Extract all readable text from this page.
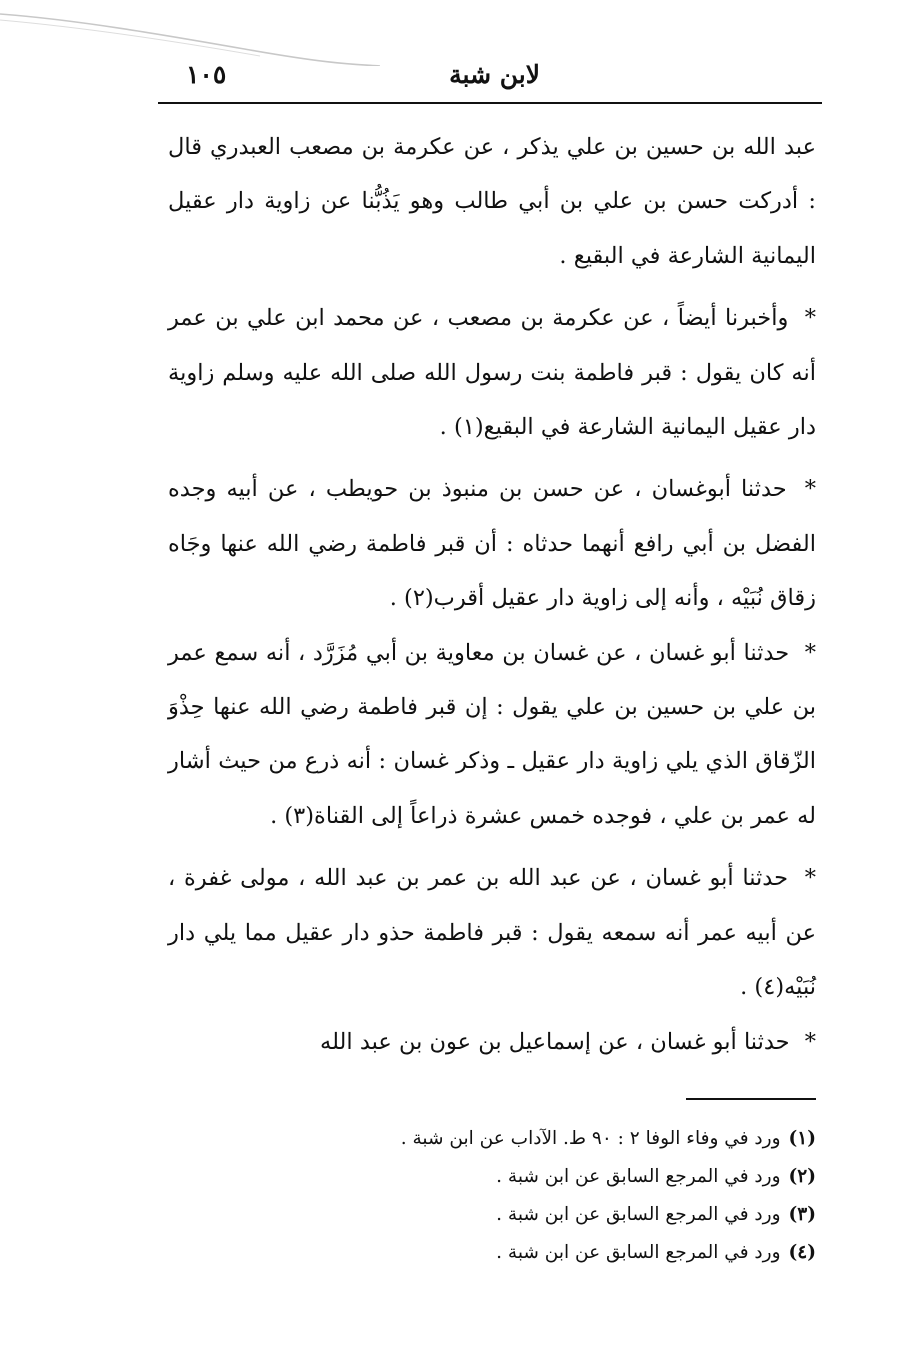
لابن شبة
١٠٥

عبد الله بن حسين بن علي يذكر ، عن عكرمة بن مصعب العبدري قال : أدركت حسن بن علي بن أبي طالب وهو يَذُبُّنا عن زاوية دار عقيل اليمانية الشارعة في البقيع .

* وأخبرنا أيضاً ، عن عكرمة بن مصعب ، عن محمد ابن علي بن عمر أنه كان يقول : قبر فاطمة بنت رسول الله صلى الله عليه وسلم زاوية دار عقيل اليمانية الشارعة في البقيع(١) .

* حدثنا أبوغسان ، عن حسن بن منبوذ بن حويطب ، عن أبيه وجده الفضل بن أبي رافع أنهما حدثاه : أن قبر فاطمة رضي الله عنها وجَاه زقاق نُبَيْه ، وأنه إلى زاوية دار عقيل أقرب(٢) .

* حدثنا أبو غسان ، عن غسان بن معاوية بن أبي مُزَرَّد ، أنه سمع عمر بن علي بن حسين بن علي يقول : إن قبر فاطمة رضي الله عنها حِذْوَ الزّقاق الذي يلي زاوية دار عقيل ـ وذكر غسان : أنه ذرع من حيث أشار له عمر بن علي ، فوجده خمس عشرة ذراعاً إلى القناة(٣) .

* حدثنا أبو غسان ، عن عبد الله بن عمر بن عبد الله ، مولى غفرة ، عن أبيه عمر أنه سمعه يقول : قبر فاطمة حذو دار عقيل مما يلي دار نُبَيْه(٤) .

* حدثنا أبو غسان ، عن إسماعيل بن عون بن عبد الله

(١)ورد في وفاء الوفا ٢ : ٩٠ ط. الآداب عن ابن شبة .
(٢)ورد في المرجع السابق عن ابن شبة .
(٣)ورد في المرجع السابق عن ابن شبة .
(٤)ورد في المرجع السابق عن ابن شبة .
